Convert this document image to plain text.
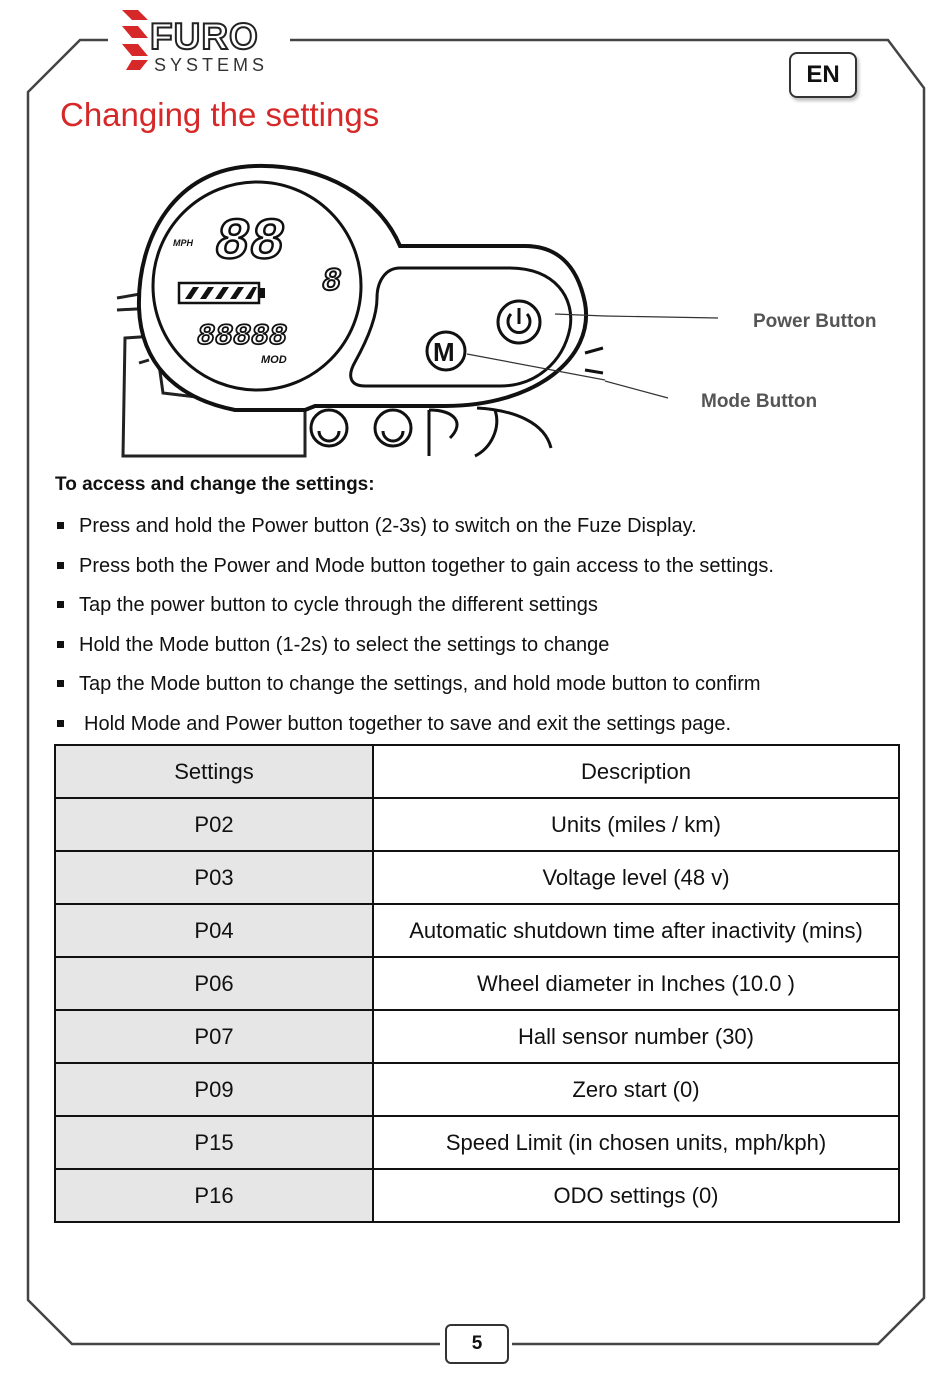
FURO
SYSTEMS	EN
Changing the settings
MPH 88
8
88888
MOD	M
Power Button
Mode Button
To access and change the settings:
Press and hold the Power button (2-3s) to switch on the Fuze Display.
Press both the Power and Mode button together to gain access to the settings.
Tap the power button to cycle through the different settings
Hold the Mode button (1-2s) to select the settings to change
Tap the Mode button to change the settings, and hold mode button to confirm
Hold Mode and Power button together to save and exit the settings page.
Settings	Description
P02	Units (miles / km)
P03	Voltage level (48 v)
P04	Automatic shutdown time after inactivity (mins)
P06	Wheel diameter in Inches (10.0 )
P07	Hall sensor number (30)
P09	Zero start (0)
P15	Speed Limit (in chosen units, mph/kph)
P16	ODO settings (0)
5
